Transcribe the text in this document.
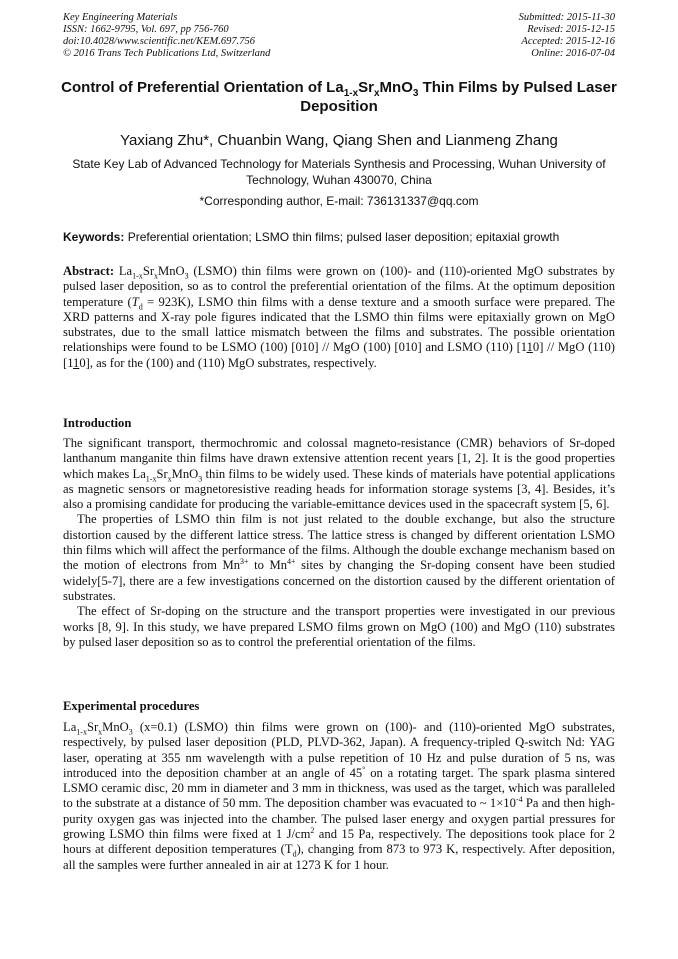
Key Engineering Materials
ISSN: 1662-9795, Vol. 697, pp 756-760
doi:10.4028/www.scientific.net/KEM.697.756
© 2016 Trans Tech Publications Ltd, Switzerland
Submitted: 2015-11-30
Revised: 2015-12-15
Accepted: 2015-12-16
Online: 2016-07-04
Control of Preferential Orientation of $La_{1-x}Sr_xMnO_3$ Thin Films by Pulsed Laser Deposition
Yaxiang Zhu*, Chuanbin Wang, Qiang Shen and Lianmeng Zhang
State Key Lab of Advanced Technology for Materials Synthesis and Processing, Wuhan University of Technology, Wuhan 430070, China
*Corresponding author, E-mail: 736131337@qq.com
Keywords: Preferential orientation; LSMO thin films; pulsed laser deposition; epitaxial growth

Abstract: $La_{1-x}Sr_xMnO_3$ (LSMO) thin films were grown on (100)- and (110)-oriented MgO substrates by pulsed laser deposition, so as to control the preferential orientation of the films. At the optimum deposition temperature $(T_d = 923K)$, LSMO thin films with a dense texture and a smooth surface were prepared. The XRD patterns and X-ray pole figures indicated that the LSMO thin films were epitaxially grown on MgO substrates, due to the small lattice mismatch between the films and substrates. The possible orientation relationships were found to be LSMO (100) [010] // MgO (100) [010] and LSMO (110) [110] // MgO (110) [110], as for the (100) and (110) MgO substrates, respectively.

Introduction

The significant transport, thermochromic and colossal magneto-resistance (CMR) behaviors of Sr-doped lanthanum manganite thin films have drawn extensive attention recent years [1, 2]. It is the good properties which makes $La_{1-x}Sr_xMnO_3$ thin films to be widely used. These kinds of materials have potential applications as magnetic sensors or magnetoresistive reading heads for information storage systems [3, 4]. Besides, it’s also a promising candidate for producing the variable-emittance devices used in the spacecraft system [5, 6].

The properties of LSMO thin film is not just related to the double exchange, but also the structure distortion caused by the different lattice stress. The lattice stress is changed by different orientation LSMO thin films which will affect the performance of the films. Although the double exchange mechanism based on the motion of electrons from $Mn^{3+}$ to $Mn^{4+}$ sites by changing the Sr-doping consent have been studied widely[5-7], there are a few investigations concerned on the distortion caused by the different orientation of substrates.

The effect of Sr-doping on the structure and the transport properties were investigated in our previous works [8, 9]. In this study, we have prepared LSMO films grown on MgO (100) and MgO (110) substrates by pulsed laser deposition so as to control the preferential orientation of the films.

Experimental procedures

$La_{1-x}Sr_xMnO_3$ (x=0.1) (LSMO) thin films were grown on (100)- and (110)-oriented MgO substrates, respectively, by pulsed laser deposition (PLD, PLVD-362, Japan). A frequency-tripled Q-switch Nd: YAG laser, operating at 355 nm wavelength with a pulse repetition of 10 Hz and pulse duration of 5 ns, was introduced into the deposition chamber at an angle of 45° on a rotating target. The spark plasma sintered LSMO ceramic disc, 20 mm in diameter and 3 mm in thickness, was used as the target, which was paralleled to the substrate at a distance of 50 mm. The deposition chamber was evacuated to ~ $1\times 10^{-4}$ Pa and then high-purity oxygen gas was injected into the chamber. The pulsed laser energy and oxygen partial pressures for growing LSMO thin films were fixed at 1 $J/cm^2$ and 15 Pa, respectively. The depositions took place for 2 hours at different deposition temperatures $(T_d)$, changing from 873 to 973 K, respectively. After deposition, all the samples were further annealed in air at 1273 K for 1 hour.
